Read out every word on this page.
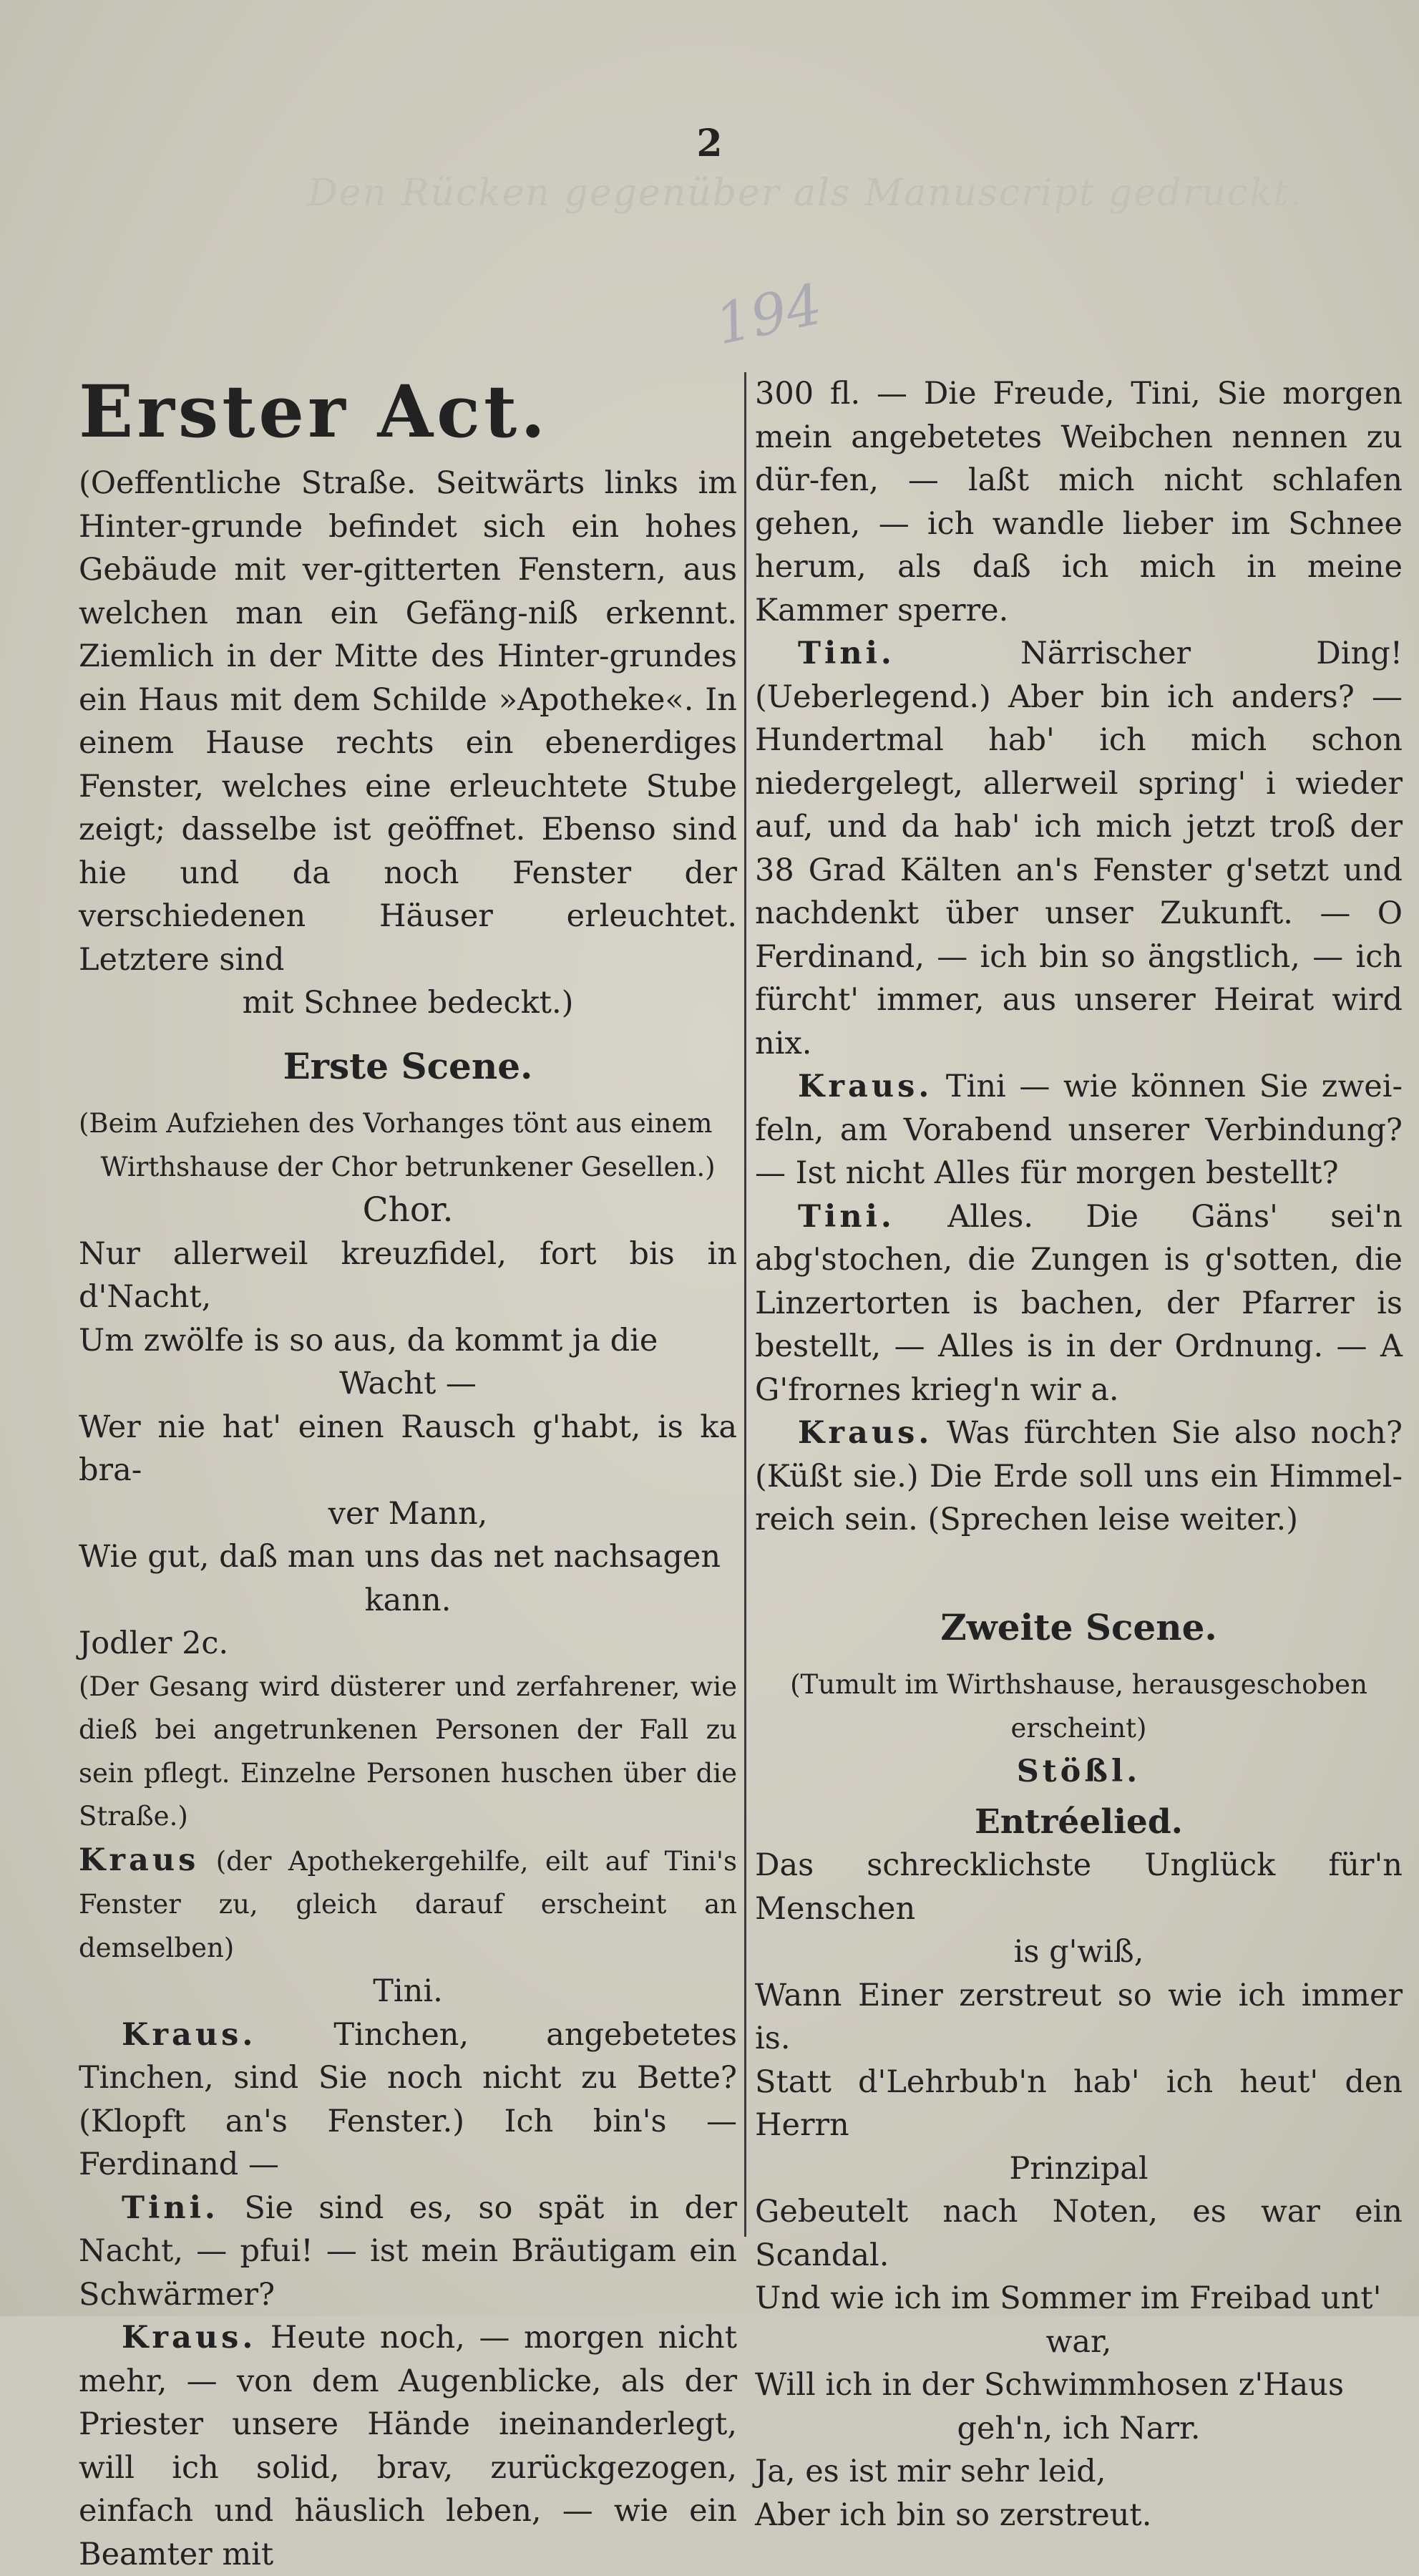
2
Den Rücken gegenüber als Manuscript gedruckt.
194

Erster Act.

(Oeffentliche Straße. Seitwärts links im Hinter-grunde befindet sich ein hohes Gebäude mit ver-gitterten Fenstern, aus welchen man ein Gefäng-niß erkennt. Ziemlich in der Mitte des Hinter-grundes ein Haus mit dem Schilde »Apotheke«. In einem Hause rechts ein ebenerdiges Fenster, welches eine erleuchtete Stube zeigt; dasselbe ist geöffnet. Ebenso sind hie und da noch Fenster der verschiedenen Häuser erleuchtet. Letztere sind

mit Schnee bedeckt.)

Erste Scene.

(Beim Aufziehen des Vorhanges tönt aus einem

Wirthshause der Chor betrunkener Gesellen.)

Chor.

Nur allerweil kreuzfidel, fort bis in d'Nacht,

Um zwölfe is so aus, da kommt ja die

Wacht —

Wer nie hat' einen Rausch g'habt, is ka bra-

ver Mann,

Wie gut, daß man uns das net nachsagen

kann.

Jodler 2c.

(Der Gesang wird düsterer und zerfahrener, wie dieß bei angetrunkenen Personen der Fall zu sein pflegt. Einzelne Personen huschen über die Straße.)

Kraus (der Apothekergehilfe, eilt auf Tini's Fenster zu, gleich darauf erscheint an demselben)

Tini.

Kraus.	Tinchen, angebetetes Tinchen, sind Sie noch nicht zu Bette? (Klopft an's Fenster.) Ich bin's — Ferdinand —

Tini. Sie sind es, so spät in der Nacht, — pfui! — ist mein Bräutigam ein Schwärmer?

Kraus. Heute noch, — morgen nicht mehr, — von dem Augenblicke, als der Priester unsere Hände ineinanderlegt, will ich solid, brav, zurückgezogen, einfach und häuslich leben, — wie ein Beamter mit

300 fl. — Die Freude, Tini, Sie morgen mein angebetetes Weibchen nennen zu dür-fen, — laßt mich nicht schlafen gehen, — ich wandle lieber im Schnee herum, als daß ich mich in meine Kammer sperre.

Tini.	Närrischer Ding! (Ueberlegend.) Aber bin ich anders? — Hundertmal hab' ich mich schon niedergelegt, allerweil spring' i wieder auf, und da hab' ich mich jetzt troß der 38 Grad Kälten an's Fenster g'setzt und nachdenkt über unser Zukunft. — O Ferdinand, — ich bin so ängstlich, — ich fürcht' immer, aus unserer Heirat wird nix.

Kraus. Tini — wie können Sie zwei-feln, am Vorabend unserer Verbindung?— Ist nicht Alles für morgen bestellt?

Tini. Alles. Die Gäns' sei'n abg'stochen, die Zungen is g'sotten, die Linzertorten is bachen, der Pfarrer is bestellt, — Alles is in der Ordnung. — A G'frornes krieg'n wir a.

Kraus. Was fürchten Sie also noch? (Küßt sie.) Die Erde soll uns ein Himmel-reich sein. (Sprechen leise weiter.)

Zweite Scene.

(Tumult im Wirthshause, herausgeschoben erscheint)

Stößl.

Entréelied.

Das schrecklichste Unglück für'n Menschen

is g'wiß,

Wann Einer zerstreut so wie ich immer is.

Statt d'Lehrbub'n hab' ich heut' den Herrn

Prinzipal

Gebeutelt nach Noten, es war ein Scandal.

Und wie ich im Sommer im Freibad unt'

war,

Will ich in der Schwimmhosen z'Haus

geh'n, ich Narr.

Ja, es ist mir sehr leid,

Aber ich bin so zerstreut.
